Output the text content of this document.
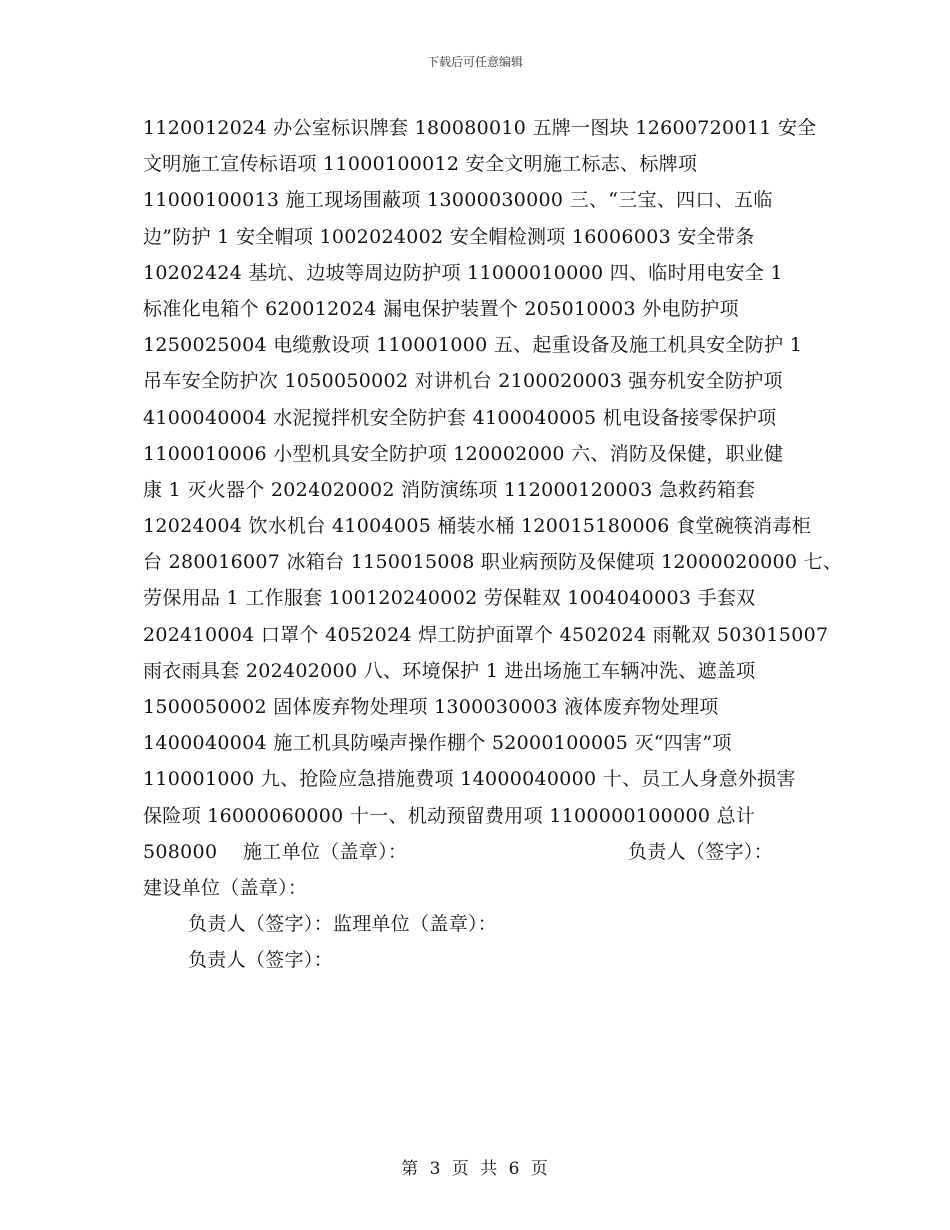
下载后可任意编辑
1120012024 办公室标识牌套 180080010 五牌一图块 12600720011 安全
文明施工宣传标语项 11000100012 安全文明施工标志、标牌项
11000100013 施工现场围蔽项 13000030000 三、“三宝、四口、五临
边”防护 1 安全帽项 1002024002 安全帽检测项 16006003 安全带条
10202424 基坑、边坡等周边防护项 11000010000 四、临时用电安全 1
标准化电箱个 620012024 漏电保护装置个 205010003 外电防护项
1250025004 电缆敷设项 110001000 五、起重设备及施工机具安全防护 1
吊车安全防护次 1050050002 对讲机台 2100020003 强夯机安全防护项
4100040004 水泥搅拌机安全防护套 4100040005 机电设备接零保护项
1100010006 小型机具安全防护项 120002000 六、消防及保健，职业健
康 1 灭火器个 2024020002 消防演练项 112000120003 急救药箱套
12024004 饮水机台 41004005 桶装水桶 120015180006 食堂碗筷消毒柜
台 280016007 冰箱台 1150015008 职业病预防及保健项 12000020000 七、
劳保用品 1 工作服套 100120240002 劳保鞋双 1004040003 手套双
202410004 口罩个 4052024 焊工防护面罩个 4502024 雨靴双 503015007
雨衣雨具套 202402000 八、环境保护 1 进出场施工车辆冲洗、遮盖项
1500050002 固体废弃物处理项 1300030003 液体废弃物处理项
1400040004 施工机具防噪声操作棚个 52000100005 灭“四害”项
110001000 九、抢险应急措施费项 14000040000 十、员工人身意外损害
保险项 16000060000 十一、机动预留费用项 1100000100000 总计
508000	施工单位（盖章）：	负责人（签字）：
建设单位（盖章）：
负责人（签字）： 监理单位（盖章）：
负责人（签字）：
第 3 页 共 6 页
